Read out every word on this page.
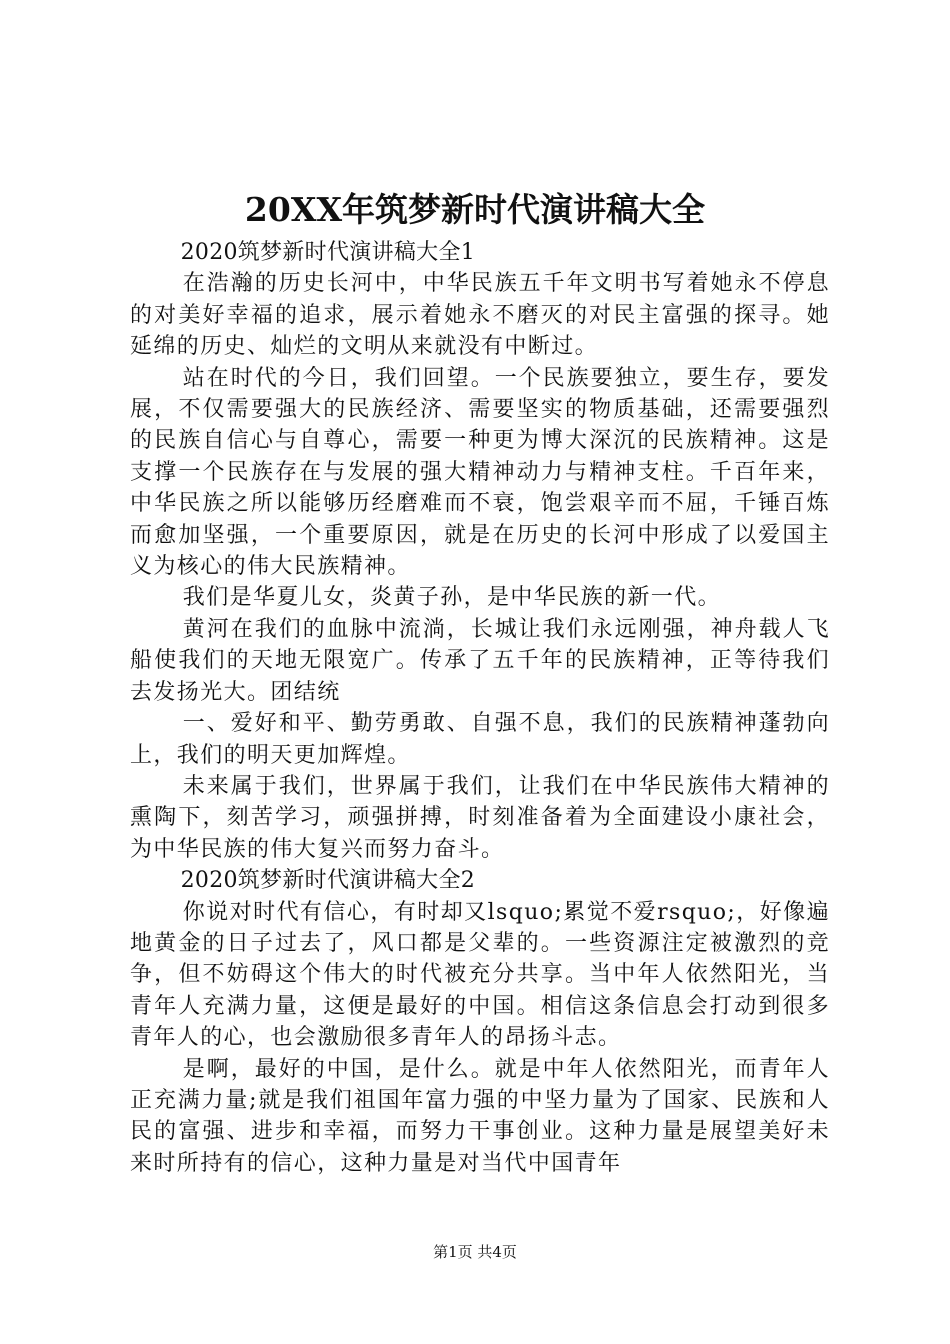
20XX年筑梦新时代演讲稿大全

2020筑梦新时代演讲稿大全1

在浩瀚的历史长河中，中华民族五千年文明书写着她永不停息的对美好幸福的追求，展示着她永不磨灭的对民主富强的探寻。她延绵的历史、灿烂的文明从来就没有中断过。

站在时代的今日，我们回望。一个民族要独立，要生存，要发展，不仅需要强大的民族经济、需要坚实的物质基础，还需要强烈的民族自信心与自尊心，需要一种更为博大深沉的民族精神。这是支撑一个民族存在与发展的强大精神动力与精神支柱。千百年来，中华民族之所以能够历经磨难而不衰，饱尝艰辛而不屈，千锤百炼而愈加坚强，一个重要原因，就是在历史的长河中形成了以爱国主义为核心的伟大民族精神。

我们是华夏儿女，炎黄子孙，是中华民族的新一代。

黄河在我们的血脉中流淌，长城让我们永远刚强，神舟载人飞船使我们的天地无限宽广。传承了五千年的民族精神，正等待我们去发扬光大。团结统

一、爱好和平、勤劳勇敢、自强不息，我们的民族精神蓬勃向上，我们的明天更加辉煌。

未来属于我们，世界属于我们，让我们在中华民族伟大精神的熏陶下，刻苦学习，顽强拼搏，时刻准备着为全面建设小康社会，为中华民族的伟大复兴而努力奋斗。

2020筑梦新时代演讲稿大全2

你说对时代有信心，有时却又lsquo;累觉不爱rsquo;，好像遍地黄金的日子过去了，风口都是父辈的。一些资源注定被激烈的竞争，但不妨碍这个伟大的时代被充分共享。当中年人依然阳光，当青年人充满力量，这便是最好的中国。相信这条信息会打动到很多青年人的心，也会激励很多青年人的昂扬斗志。

是啊，最好的中国，是什么。就是中年人依然阳光，而青年人正充满力量;就是我们祖国年富力强的中坚力量为了国家、民族和人民的富强、进步和幸福，而努力干事创业。这种力量是展望美好未来时所持有的信心，这种力量是对当代中国青年

第1页 共4页
